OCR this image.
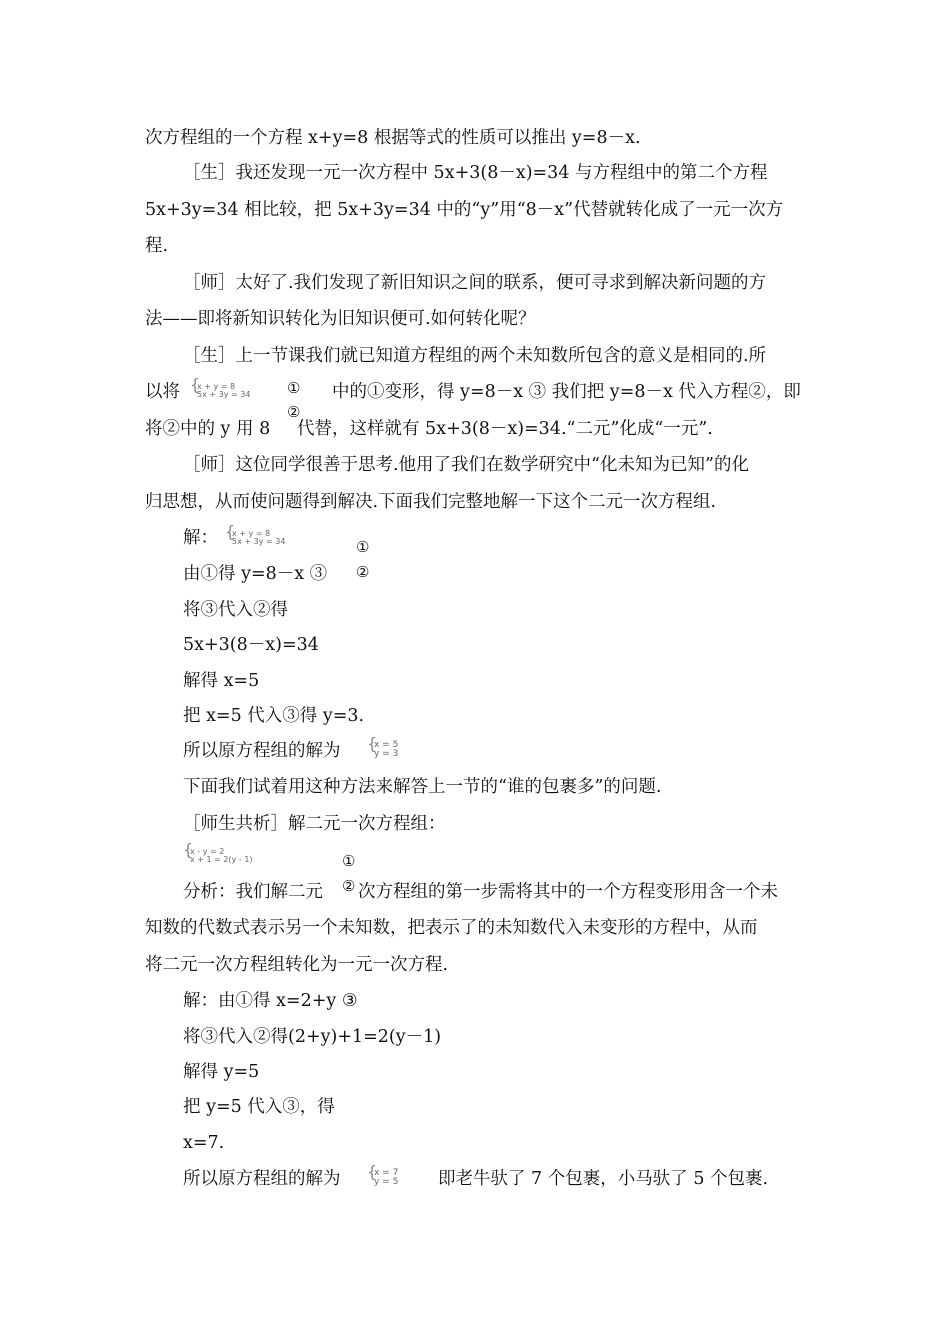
次方程组的一个方程 x+y=8 根据等式的性质可以推出 y=8－x.
［生］我还发现一元一次方程中 5x+3(8－x)=34 与方程组中的第二个方程
5x+3y=34 相比较，把 5x+3y=34 中的“y”用“8－x”代替就转化成了一元一次方
程.
［师］太好了.我们发现了新旧知识之间的联系，便可寻求到解决新问题的方
法——即将新知识转化为旧知识便可.如何转化呢？
［生］上一节课我们就已知道方程组的两个未知数所包含的意义是相同的.所
以将 {
x + y = 8
5x + 3y = 34 ①
②
中的①变形，得 y=8－x ③ 我们把 y=8－x 代入方程②，即
将②中的 y 用 8 代替，这样就有 5x+3(8－x)=34.“二元”化成“一元”.
［师］这位同学很善于思考.他用了我们在数学研究中“化未知为已知”的化
归思想，从而使问题得到解决.下面我们完整地解一下这个二元一次方程组.
解： {
x + y = 8
5x + 3y = 34	①
②
由①得 y=8－x ③
将③代入②得
5x+3(8－x)=34
解得 x=5
把 x=5 代入③得 y=3.
所以原方程组的解为 {
x = 5
y = 3
下面我们试着用这种方法来解答上一节的“谁的包裹多”的问题.
［师生共析］解二元一次方程组：
{
x - y = 2
x + 1 = 2(y - 1)	①
分析：我们解二元 ② 次方程组的第一步需将其中的一个方程变形用含一个未
知数的代数式表示另一个未知数，把表示了的未知数代入未变形的方程中，从而
将二元一次方程组转化为一元一次方程.
解：由①得 x=2+y ③
将③代入②得(2+y)+1=2(y－1)
解得 y=5
把 y=5 代入③，得
x=7.
所以原方程组的解为 {
x = 7
y = 5 即老牛驮了 7 个包裹，小马驮了 5 个包裹.
